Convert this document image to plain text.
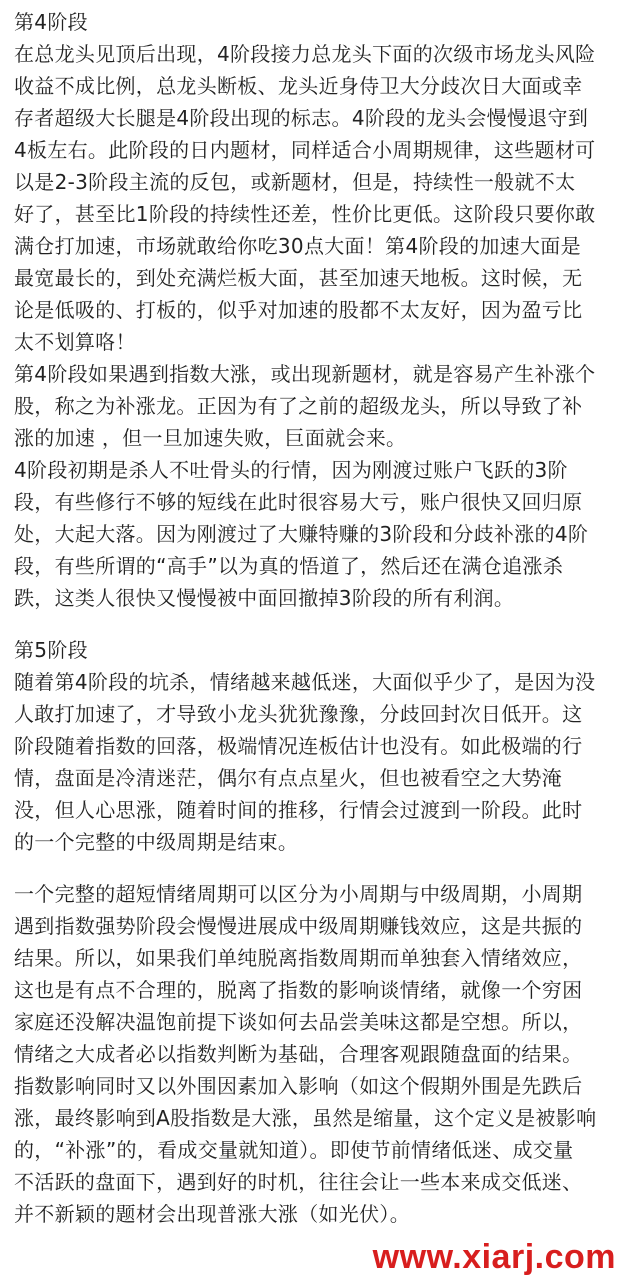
第4阶段
在总龙头见顶后出现，4阶段接力总龙头下面的次级市场龙头风险
收益不成比例，总龙头断板、龙头近身侍卫大分歧次日大面或幸
存者超级大长腿是4阶段出现的标志。4阶段的龙头会慢慢退守到
4板左右。此阶段的日内题材，同样适合小周期规律，这些题材可
以是2-3阶段主流的反包，或新题材，但是，持续性一般就不太
好了，甚至比1阶段的持续性还差，性价比更低。这阶段只要你敢
满仓打加速，市场就敢给你吃30点大面！第4阶段的加速大面是
最宽最长的，到处充满烂板大面，甚至加速天地板。这时候，无
论是低吸的、打板的，似乎对加速的股都不太友好，因为盈亏比
太不划算咯！
第4阶段如果遇到指数大涨，或出现新题材，就是容易产生补涨个
股，称之为补涨龙。正因为有了之前的超级龙头，所以导致了补
涨的加速 ，但一旦加速失败，巨面就会来。
4阶段初期是杀人不吐骨头的行情，因为刚渡过账户飞跃的3阶
段，有些修行不够的短线在此时很容易大亏，账户很快又回归原
处，大起大落。因为刚渡过了大赚特赚的3阶段和分歧补涨的4阶
段，有些所谓的“高手”以为真的悟道了，然后还在满仓追涨杀
跌，这类人很快又慢慢被中面回撤掉3阶段的所有利润。
第5阶段
随着第4阶段的坑杀，情绪越来越低迷，大面似乎少了，是因为没
人敢打加速了，才导致小龙头犹犹豫豫，分歧回封次日低开。这
阶段随着指数的回落，极端情况连板估计也没有。如此极端的行
情，盘面是冷清迷茫，偶尔有点点星火，但也被看空之大势淹
没，但人心思涨，随着时间的推移，行情会过渡到一阶段。此时
的一个完整的中级周期是结束。
一个完整的超短情绪周期可以区分为小周期与中级周期，小周期
遇到指数强势阶段会慢慢进展成中级周期赚钱效应，这是共振的
结果。所以，如果我们单纯脱离指数周期而单独套入情绪效应，
这也是有点不合理的，脱离了指数的影响谈情绪，就像一个穷困
家庭还没解决温饱前提下谈如何去品尝美味这都是空想。所以，
情绪之大成者必以指数判断为基础，合理客观跟随盘面的结果。
指数影响同时又以外围因素加入影响（如这个假期外围是先跌后
涨，最终影响到A股指数是大涨，虽然是缩量，这个定义是被影响
的，“补涨”的，看成交量就知道）。即使节前情绪低迷、成交量
不活跃的盘面下，遇到好的时机，往往会让一些本来成交低迷、
并不新颖的题材会出现普涨大涨（如光伏）。
www.xiarj.com
